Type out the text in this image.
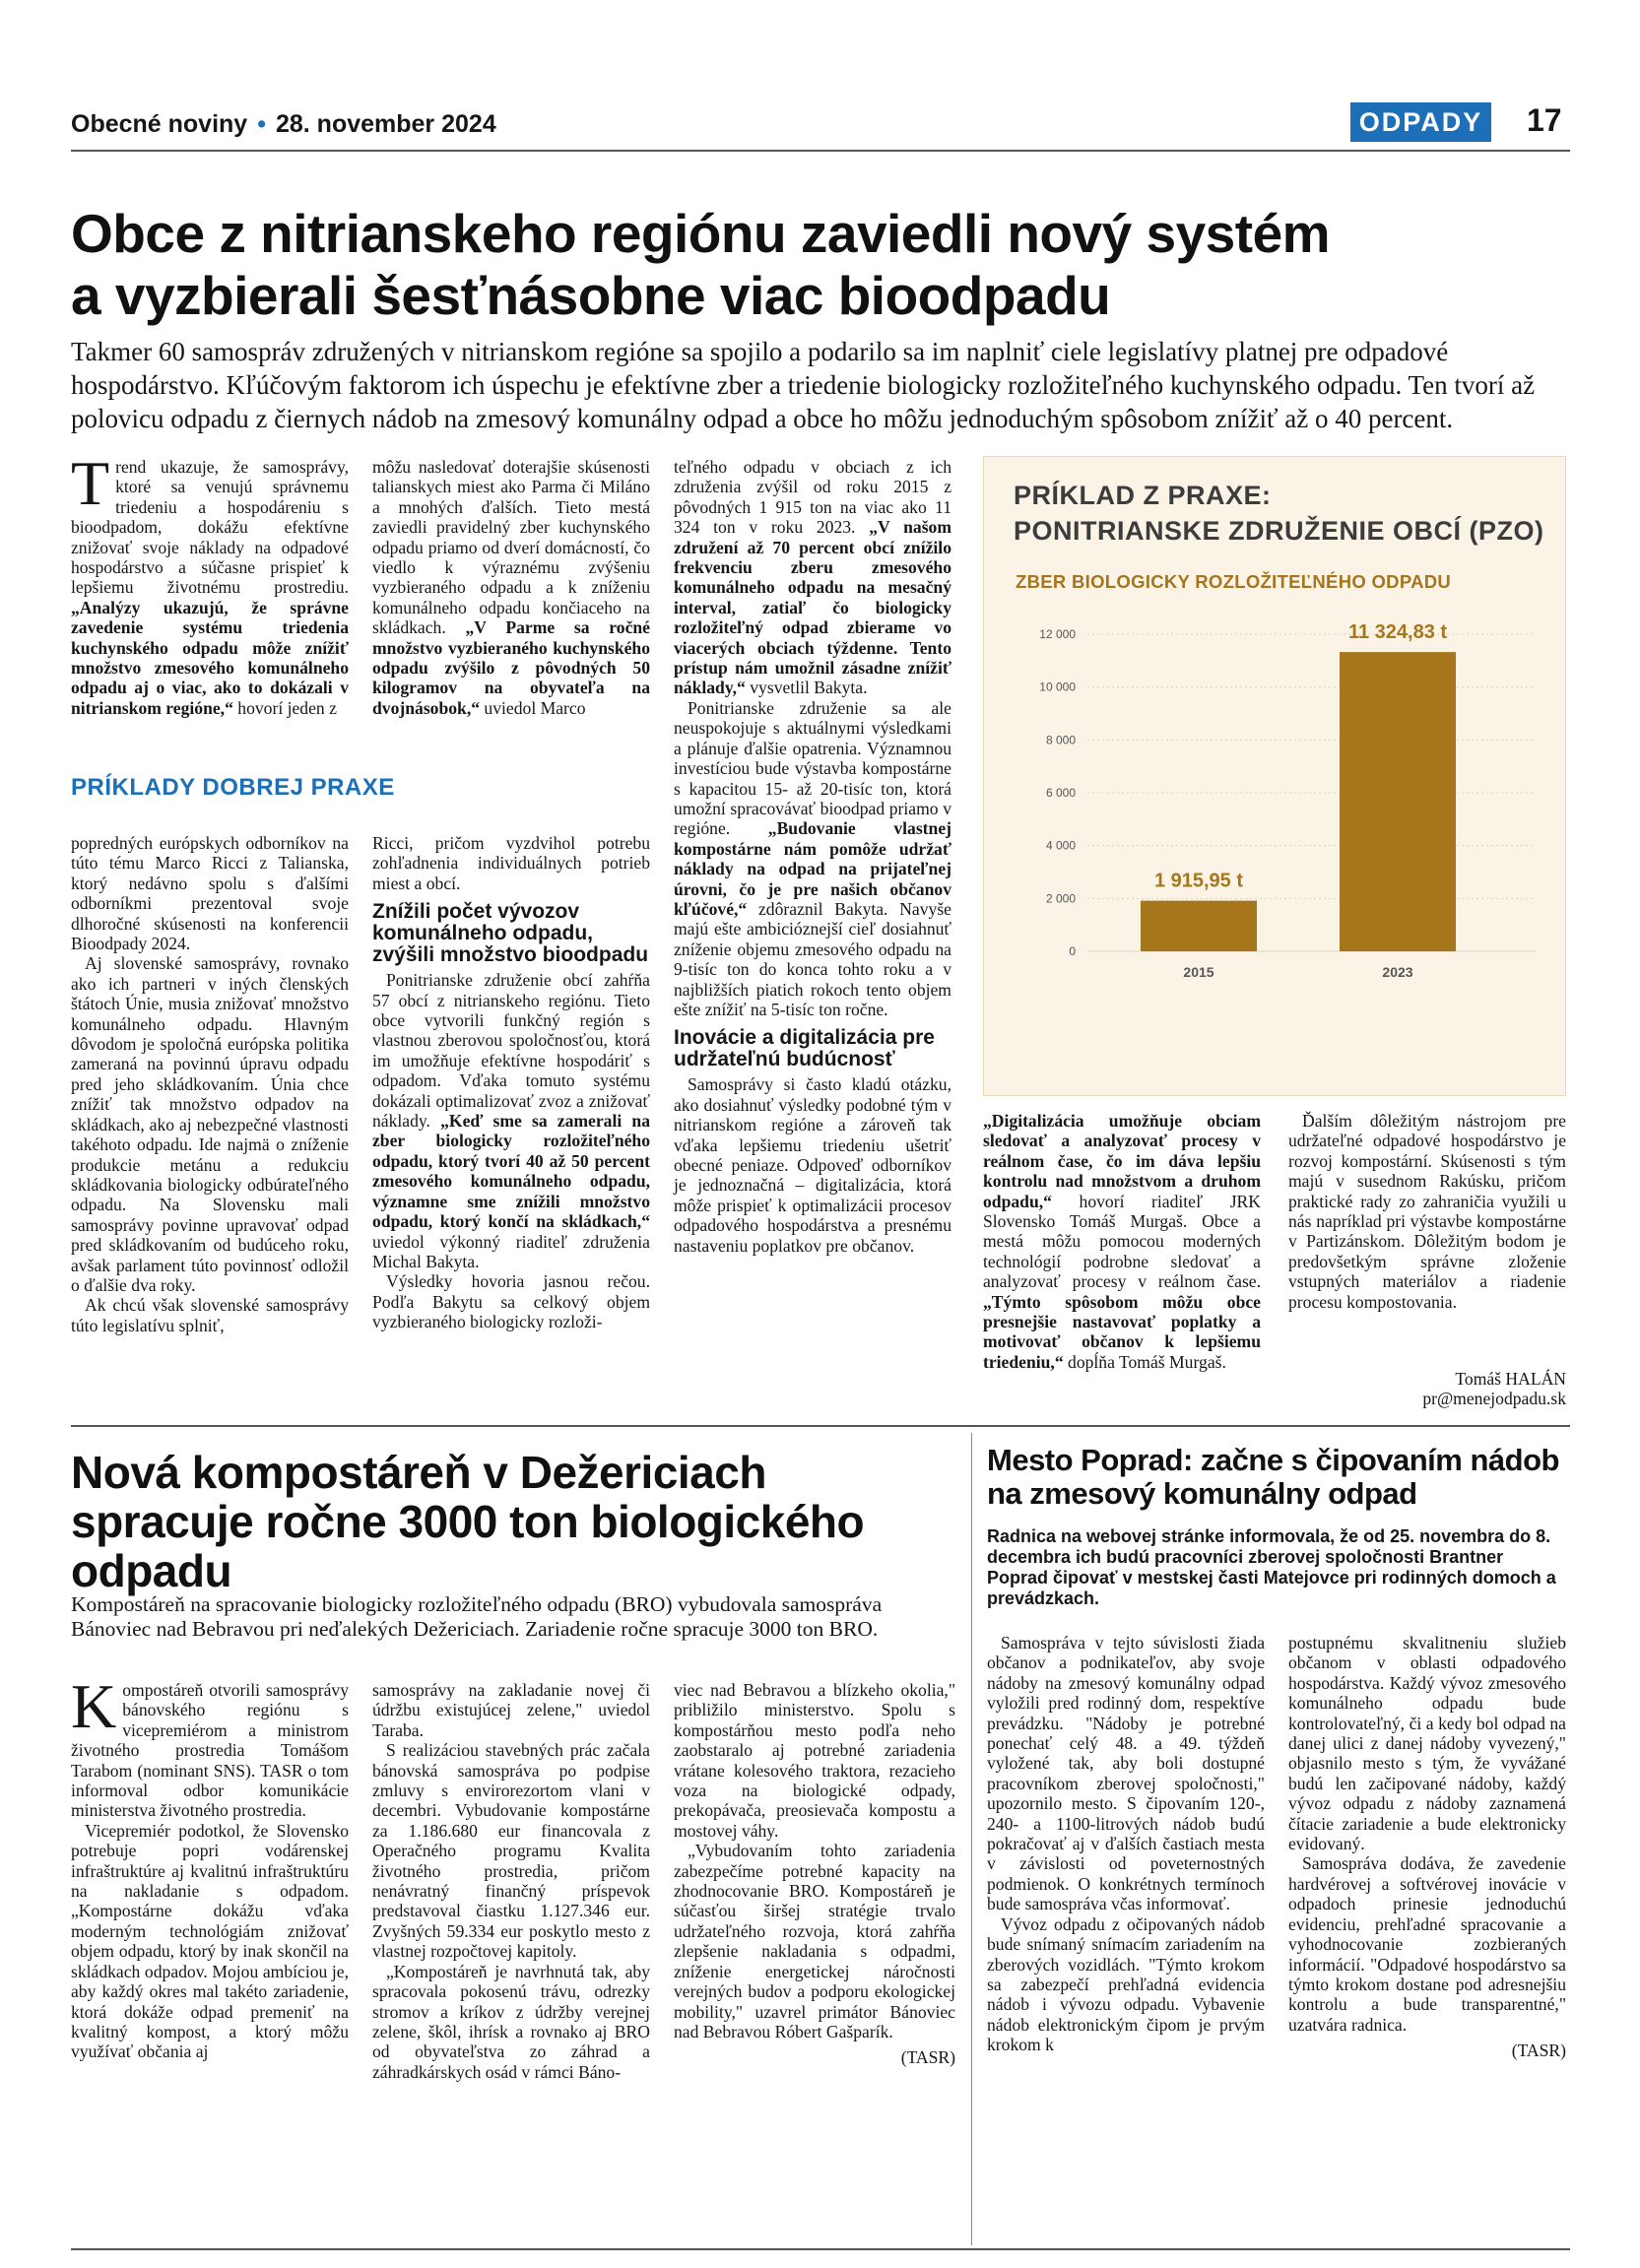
Obecné noviny • 28. november 2024	ODPADY 17
Obce z nitrianskeho regiónu zaviedli nový systém
a vyzbierali šesťnásobne viac bioodpadu
Takmer 60 samospráv združených v nitrianskom regióne sa spojilo a podarilo sa im naplniť ciele legislatívy platnej pre odpadové hospodárstvo. Kľúčovým faktorom ich úspechu je efektívne zber a triedenie biologicky rozložiteľného kuchynského odpadu. Ten tvorí až polovicu odpadu z čiernych nádob na zmesový komunálny odpad a obce ho môžu jednoduchým spôsobom znížiť až o 40 percent.

Trend ukazuje, že samosprávy, ktoré sa venujú správnemu triedeniu a hospodáreniu s bioodpadom, dokážu efektívne znižovať svoje náklady na odpadové hospodárstvo a súčasne prispieť k lepšiemu životnému prostrediu. „Analýzy ukazujú, že správne zavedenie systému triedenia kuchynského odpadu môže znížiť množstvo zmesového komunálneho odpadu aj o viac, ako to dokázali v nitrianskom regióne,“ hovorí jeden z

môžu nasledovať doterajšie skúsenosti talianskych miest ako Parma či Miláno a mnohých ďalších. Tieto mestá zaviedli pravidelný zber kuchynského odpadu priamo od dverí domácností, čo viedlo k výraznému zvýšeniu vyzbieraného odpadu a k zníženiu komunálneho odpadu končiaceho na skládkach. „V Parme sa ročné množstvo vyzbieraného kuchynského odpadu zvýšilo z pôvodných 50 kilogramov na obyvateľa na dvojnásobok,“ uviedol Marco

PRÍKLADY DOBREJ PRAXE

popredných európskych odborníkov na túto tému Marco Ricci z Talianska, ktorý nedávno spolu s ďalšími odborníkmi prezentoval svoje dlhoročné skúsenosti na konferencii Bioodpady 2024.

Aj slovenské samosprávy, rovnako ako ich partneri v iných členských štátoch Únie, musia znižovať množstvo komunálneho odpadu. Hlavným dôvodom je spoločná európska politika zameraná na povinnú úpravu odpadu pred jeho skládkovaním. Únia chce znížiť tak množstvo odpadov na skládkach, ako aj nebezpečné vlastnosti takéhoto odpadu. Ide najmä o zníženie produkcie metánu a redukciu skládkovania biologicky odbúrateľného odpadu. Na Slovensku mali samosprávy povinne upravovať odpad pred skládkovaním od budúceho roku, avšak parlament túto povinnosť odložil o ďalšie dva roky.

Ak chcú však slovenské samosprávy túto legislatívu splniť,

Ricci, pričom vyzdvihol potrebu zohľadnenia individuálnych potrieb miest a obcí.

Znížili počet vývozov komunálneho odpadu, zvýšili množstvo bioodpadu

Ponitrianske združenie obcí zahŕňa 57 obcí z nitrianskeho regiónu. Tieto obce vytvorili funkčný región s vlastnou zberovou spoločnosťou, ktorá im umožňuje efektívne hospodáriť s odpadom. Vďaka tomuto systému dokázali optimalizovať zvoz a znižovať náklady. „Keď sme sa zamerali na zber biologicky rozložiteľného odpadu, ktorý tvorí 40 až 50 percent zmesového komunálneho odpadu, významne sme znížili množstvo odpadu, ktorý končí na skládkach,“ uviedol výkonný riaditeľ združenia Michal Bakyta.

Výsledky hovoria jasnou rečou. Podľa Bakytu sa celkový objem vyzbieraného biologicky rozloži-

teľného odpadu v obciach z ich združenia zvýšil od roku 2015 z pôvodných 1 915 ton na viac ako 11 324 ton v roku 2023. „V našom združení až 70 percent obcí znížilo frekvenciu zberu zmesového komunálneho odpadu na mesačný interval, zatiaľ čo biologicky rozložiteľný odpad zbierame vo viacerých obciach týždenne. Tento prístup nám umožnil zásadne znížiť náklady,“ vysvetlil Bakyta.

Ponitrianske združenie sa ale neuspokojuje s aktuálnymi výsledkami a plánuje ďalšie opatrenia. Významnou investíciou bude výstavba kompostárne s kapacitou 15- až 20-tisíc ton, ktorá umožní spracovávať bioodpad priamo v regióne. „Budovanie vlastnej kompostárne nám pomôže udržať náklady na odpad na prijateľnej úrovni, čo je pre našich občanov kľúčové,“ zdôraznil Bakyta. Navyše majú ešte ambicióznejší cieľ dosiahnuť zníženie objemu zmesového odpadu na 9-tisíc ton do konca tohto roku a v najbližších piatich rokoch tento objem ešte znížiť na 5-tisíc ton ročne.

Inovácie a digitalizácia pre udržateľnú budúcnosť

Samosprávy si často kladú otázku, ako dosiahnuť výsledky podobné tým v nitrianskom regióne a zároveň tak vďaka lepšiemu triedeniu ušetriť obecné peniaze. Odpoveď odborníkov je jednoznačná – digitalizácia, ktorá môže prispieť k optimalizácii procesov odpadového hospodárstva a presnému nastaveniu poplatkov pre občanov.

PRÍKLAD Z PRAXE:
PONITRIANSKE ZDRUŽENIE OBCÍ (PZO)
ZBER BIOLOGICKY ROZLOŽITEĽNÉHO ODPADU
0
2 000
4 000
6 000
8 000
10 000
12 000
1 915,95 t
2015
11 324,83 t
2023

„Digitalizácia umožňuje obciam sledovať a analyzovať procesy v reálnom čase, čo im dáva lepšiu kontrolu nad množstvom a druhom odpadu,“ hovorí riaditeľ JRK Slovensko Tomáš Murgaš. Obce a mestá môžu pomocou moderných technológií podrobne sledovať a analyzovať procesy v reálnom čase. „Týmto spôsobom môžu obce presnejšie nastavovať poplatky a motivovať občanov k lepšiemu triedeniu,“ dopĺňa Tomáš Murgaš.

Ďalším dôležitým nástrojom pre udržateľné odpadové hospodárstvo je rozvoj kompostární. Skúsenosti s tým majú v susednom Rakúsku, pričom praktické rady zo zahraničia využili u nás napríklad pri výstavbe kompostárne v Partizánskom. Dôležitým bodom je predovšetkým správne zloženie vstupných materiálov a riadenie procesu kompostovania.

Tomáš HALÁN
pr@menejodpadu.sk
Nová kompostáreň v Dežericiach spracuje ročne 3000 ton biologického odpadu
Kompostáreň na spracovanie biologicky rozložiteľného odpadu (BRO) vybudovala samospráva Bánoviec nad Bebravou pri neďalekých Dežericiach. Zariadenie ročne spracuje 3000 ton BRO.

Kompostáreň otvorili samosprávy bánovského regiónu s vicepremiérom a ministrom životného prostredia Tomášom Tarabom (nominant SNS). TASR o tom informoval odbor komunikácie ministerstva životného prostredia.

Vicepremiér podotkol, že Slovensko potrebuje popri vodárenskej infraštruktúre aj kvalitnú infraštruktúru na nakladanie s odpadom. „Kompostárne dokážu vďaka moderným technológiám znižovať objem odpadu, ktorý by inak skončil na skládkach odpadov. Mojou ambíciou je, aby každý okres mal takéto zariadenie, ktorá dokáže odpad premeniť na kvalitný kompost, a ktorý môžu využívať občania aj

samosprávy na zakladanie novej či údržbu existujúcej zelene," uviedol Taraba.

S realizáciou stavebných prác začala bánovská samospráva po podpise zmluvy s envirorezortom vlani v decembri. Vybudovanie kompostárne za 1.186.680 eur financovala z Operačného programu Kvalita životného prostredia, pričom nenávratný finančný príspevok predstavoval čiastku 1.127.346 eur. Zvyšných 59.334 eur poskytlo mesto z vlastnej rozpočtovej kapitoly.

„Kompostáreň je navrhnutá tak, aby spracovala pokosenú trávu, odrezky stromov a kríkov z údržby verejnej zelene, škôl, ihrísk a rovnako aj BRO od obyvateľstva zo záhrad a záhradkárskych osád v rámci Báno-

viec nad Bebravou a blízkeho okolia," približilo ministerstvo. Spolu s kompostárňou mesto podľa neho zaobstaralo aj potrebné zariadenia vrátane kolesového traktora, rezacieho voza na biologické odpady, prekopávača, preosievača kompostu a mostovej váhy.

„Vybudovaním tohto zariadenia zabezpečíme potrebné kapacity na zhodnocovanie BRO. Kompostáreň je súčasťou širšej stratégie trvalo udržateľného rozvoja, ktorá zahŕňa zlepšenie nakladania s odpadmi, zníženie energetickej náročnosti verejných budov a podporu ekologickej mobility," uzavrel primátor Bánoviec nad Bebravou Róbert Gašparík.

(TASR)
Mesto Poprad: začne s čipovaním nádob na zmesový komunálny odpad
Radnica na webovej stránke informovala, že od 25. novembra do 8. decembra ich budú pracovníci zberovej spoločnosti Brantner Poprad čipovať v mestskej časti Matejovce pri rodinných domoch a prevádzkach.

Samospráva v tejto súvislosti žiada občanov a podnikateľov, aby svoje nádoby na zmesový komunálny odpad vyložili pred rodinný dom, respektíve prevádzku. "Nádoby je potrebné ponechať celý 48. a 49. týždeň vyložené tak, aby boli dostupné pracovníkom zberovej spoločnosti," upozornilo mesto. S čipovaním 120-, 240- a 1100-litrových nádob budú pokračovať aj v ďalších častiach mesta v závislosti od poveternostných podmienok. O konkrétnych termínoch bude samospráva včas informovať.

Vývoz odpadu z očipovaných nádob bude snímaný snímacím zariadením na zberových vozidlách. "Týmto krokom sa zabezpečí prehľadná evidencia nádob i vývozu odpadu. Vybavenie nádob elektronickým čipom je prvým krokom k

postupnému skvalitneniu služieb občanom v oblasti odpadového hospodárstva. Každý vývoz zmesového komunálneho odpadu bude kontrolovateľný, či a kedy bol odpad na danej ulici z danej nádoby vyvezený," objasnilo mesto s tým, že vyvážané budú len začipované nádoby, každý vývoz odpadu z nádoby zaznamená čítacie zariadenie a bude elektronicky evidovaný.

Samospráva dodáva, že zavedenie hardvérovej a softvérovej inovácie v odpadoch prinesie jednoduchú evidenciu, prehľadné spracovanie a vyhodnocovanie zozbieraných informácií. "Odpadové hospodárstvo sa týmto krokom dostane pod adresnejšiu kontrolu a bude transparentné," uzatvára radnica.

(TASR)
